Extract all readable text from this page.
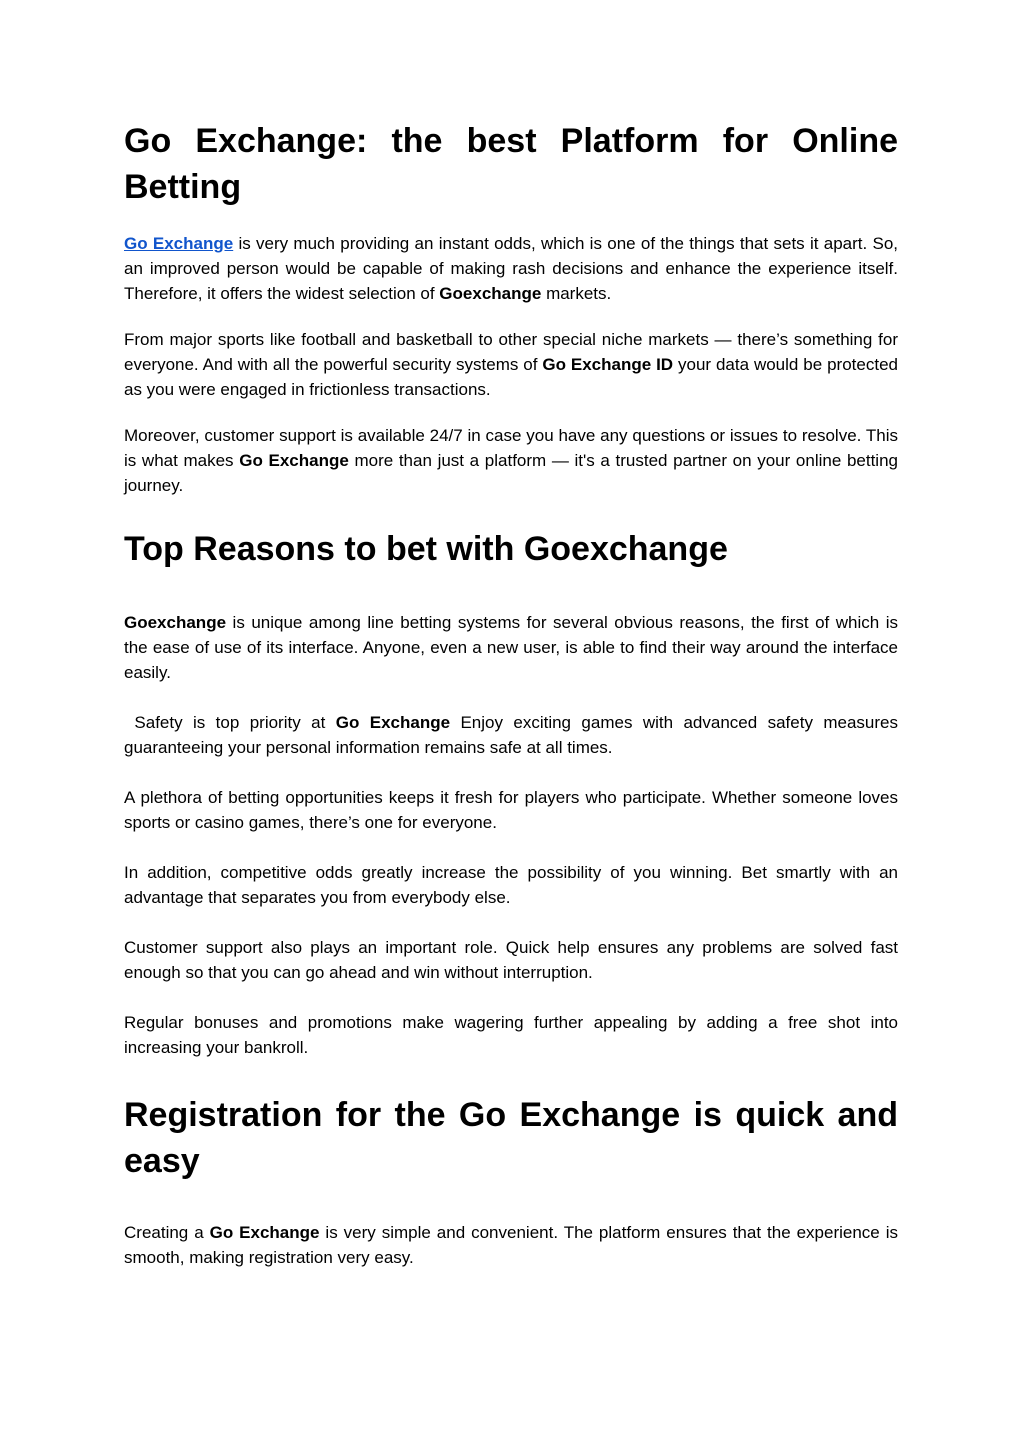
Go Exchange: the best Platform for Online Betting

Go Exchange is very much providing an instant odds, which is one of the things that sets it apart. So, an improved person would be capable of making rash decisions and enhance the experience itself. Therefore, it offers the widest selection of Goexchange markets.

From major sports like football and basketball to other special niche markets — there’s something for everyone. And with all the powerful security systems of Go Exchange ID your data would be protected as you were engaged in frictionless transactions.

Moreover, customer support is available 24/7 in case you have any questions or issues to resolve. This is what makes Go Exchange more than just a platform — it's a trusted partner on your online betting journey.

Top Reasons to bet with Goexchange

Goexchange is unique among line betting systems for several obvious reasons, the first of which is the ease of use of its interface. Anyone, even a new user, is able to find their way around the interface easily.

Safety is top priority at Go Exchange Enjoy exciting games with advanced safety measures guaranteeing your personal information remains safe at all times.

A plethora of betting opportunities keeps it fresh for players who participate. Whether someone loves sports or casino games, there’s one for everyone.

In addition, competitive odds greatly increase the possibility of you winning. Bet smartly with an advantage that separates you from everybody else.

Customer support also plays an important role. Quick help ensures any problems are solved fast enough so that you can go ahead and win without interruption.

Regular bonuses and promotions make wagering further appealing by adding a free shot into increasing your bankroll.

Registration for the Go Exchange is quick and easy

Creating a Go Exchange is very simple and convenient. The platform ensures that the experience is smooth, making registration very easy.
